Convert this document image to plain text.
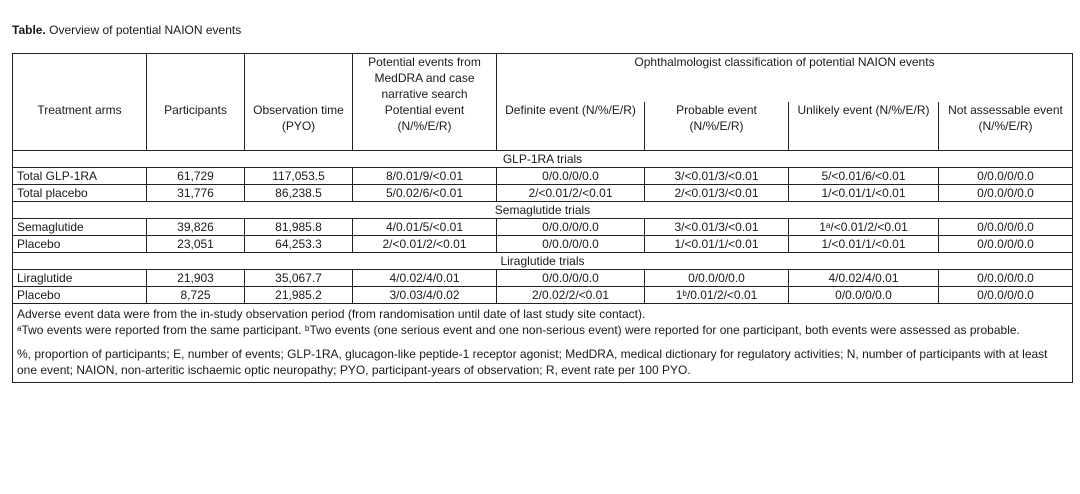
Table. Overview of potential NAION events
			Potential events from MedDRA and case narrative search	Ophthalmologist classification of potential NAION events			
Treatment arms	Participants	Observation time (PYO)	Potential event (N/%/E/R)	Definite event (N/%/E/R)	Probable event (N/%/E/R)	Unlikely event (N/%/E/R)	Not assessable event (N/%/E/R)
GLP-1RA trials							
Total GLP-1RA	61,729	117,053.5	8/0.01/9/<0.01	0/0.0/0/0.0	3/<0.01/3/<0.01	5/<0.01/6/<0.01	0/0.0/0/0.0
Total placebo	31,776	86,238.5	5/0.02/6/<0.01	2/<0.01/2/<0.01	2/<0.01/3/<0.01	1/<0.01/1/<0.01	0/0.0/0/0.0
Semaglutide trials							
Semaglutide	39,826	81,985.8	4/0.01/5/<0.01	0/0.0/0/0.0	3/<0.01/3/<0.01	1ᵃ/<0.01/2/<0.01	0/0.0/0/0.0
Placebo	23,051	64,253.3	2/<0.01/2/<0.01	0/0.0/0/0.0	1/<0.01/1/<0.01	1/<0.01/1/<0.01	0/0.0/0/0.0
Liraglutide trials							
Liraglutide	21,903	35,067.7	4/0.02/4/0.01	0/0.0/0/0.0	0/0.0/0/0.0	4/0.02/4/0.01	0/0.0/0/0.0
Placebo	8,725	21,985.2	3/0.03/4/0.02	2/0.02/2/<0.01	1ᵇ/0.01/2/<0.01	0/0.0/0/0.0	0/0.0/0/0.0

Adverse event data were from the in-study observation period (from randomisation until date of last study site contact).

ᵃTwo events were reported from the same participant. ᵇTwo events (one serious event and one non-serious event) were reported for one participant, both events were assessed as probable.

%, proportion of participants; E, number of events; GLP-1RA, glucagon-like peptide-1 receptor agonist; MedDRA, medical dictionary for regulatory activities; N, number of participants with at least one event; NAION, non-arteritic ischaemic optic neuropathy; PYO, participant-years of observation; R, event rate per 100 PYO.							
